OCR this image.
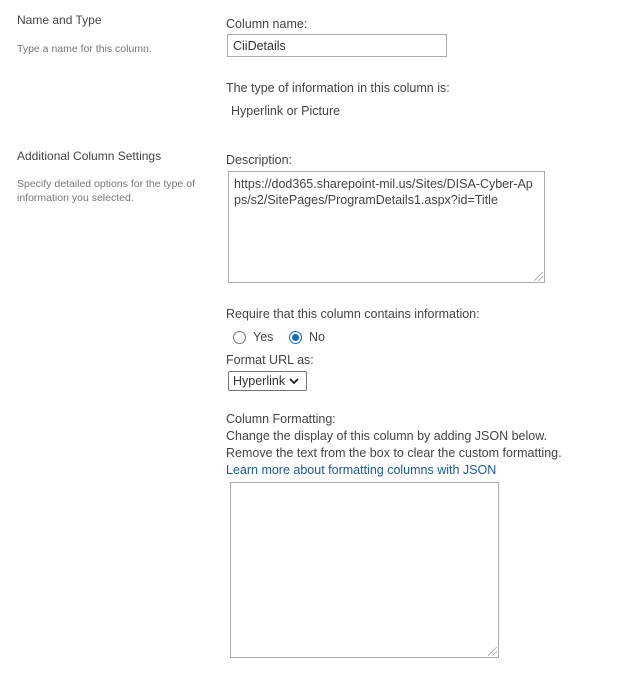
Name and Type
Type a name for this column.
Additional Column Settings
Specify detailed options for the type of information you selected.
Column name:
CiiDetails
The type of information in this column is:
Hyperlink or Picture
Description:
https://dod365.sharepoint-mil.us/Sites/DISA-Cyber-Apps/s2/SitePages/ProgramDetails1.aspx?id=Title
Require that this column contains information:
Yes	No
Format URL as:
Hyperlink
Column Formatting:
Change the display of this column by adding JSON below.
Remove the text from the box to clear the custom formatting.
Learn more about formatting columns with JSON
